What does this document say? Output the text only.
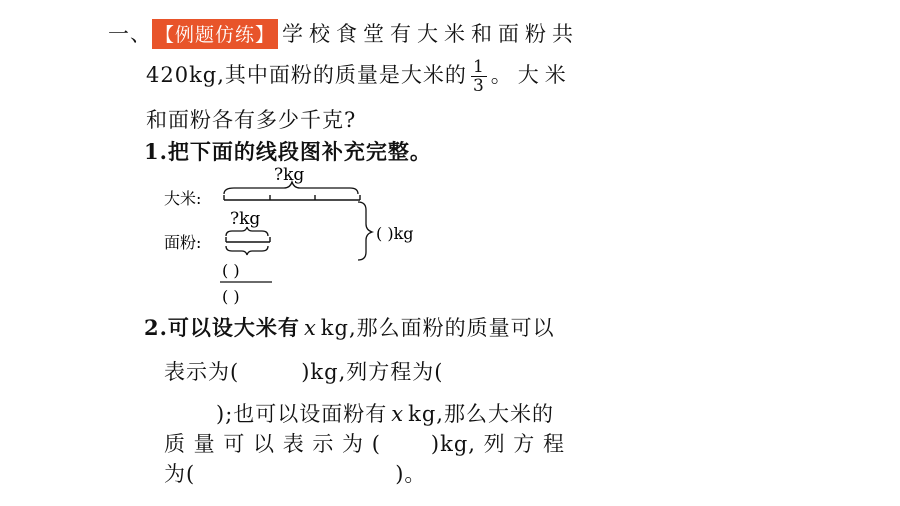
一、 【例题仿练】 学校食堂有大米和面粉共
420kg,其中面粉的质量是大米的 $\frac{1}{3}$ 。大米
和面粉各有多少千克?
1.把下面的线段图补充完整。
大米:
?kg
?kg
面粉:
( )
( )
( )kg
2.可以设大米有 x kg,那么面粉的质量可以
表示为(	)kg,列方程为(
);也可以设面粉有 x kg,那么大米的
质 量 可 以 表 示 为 ( )kg, 列 方 程
为(	)。
